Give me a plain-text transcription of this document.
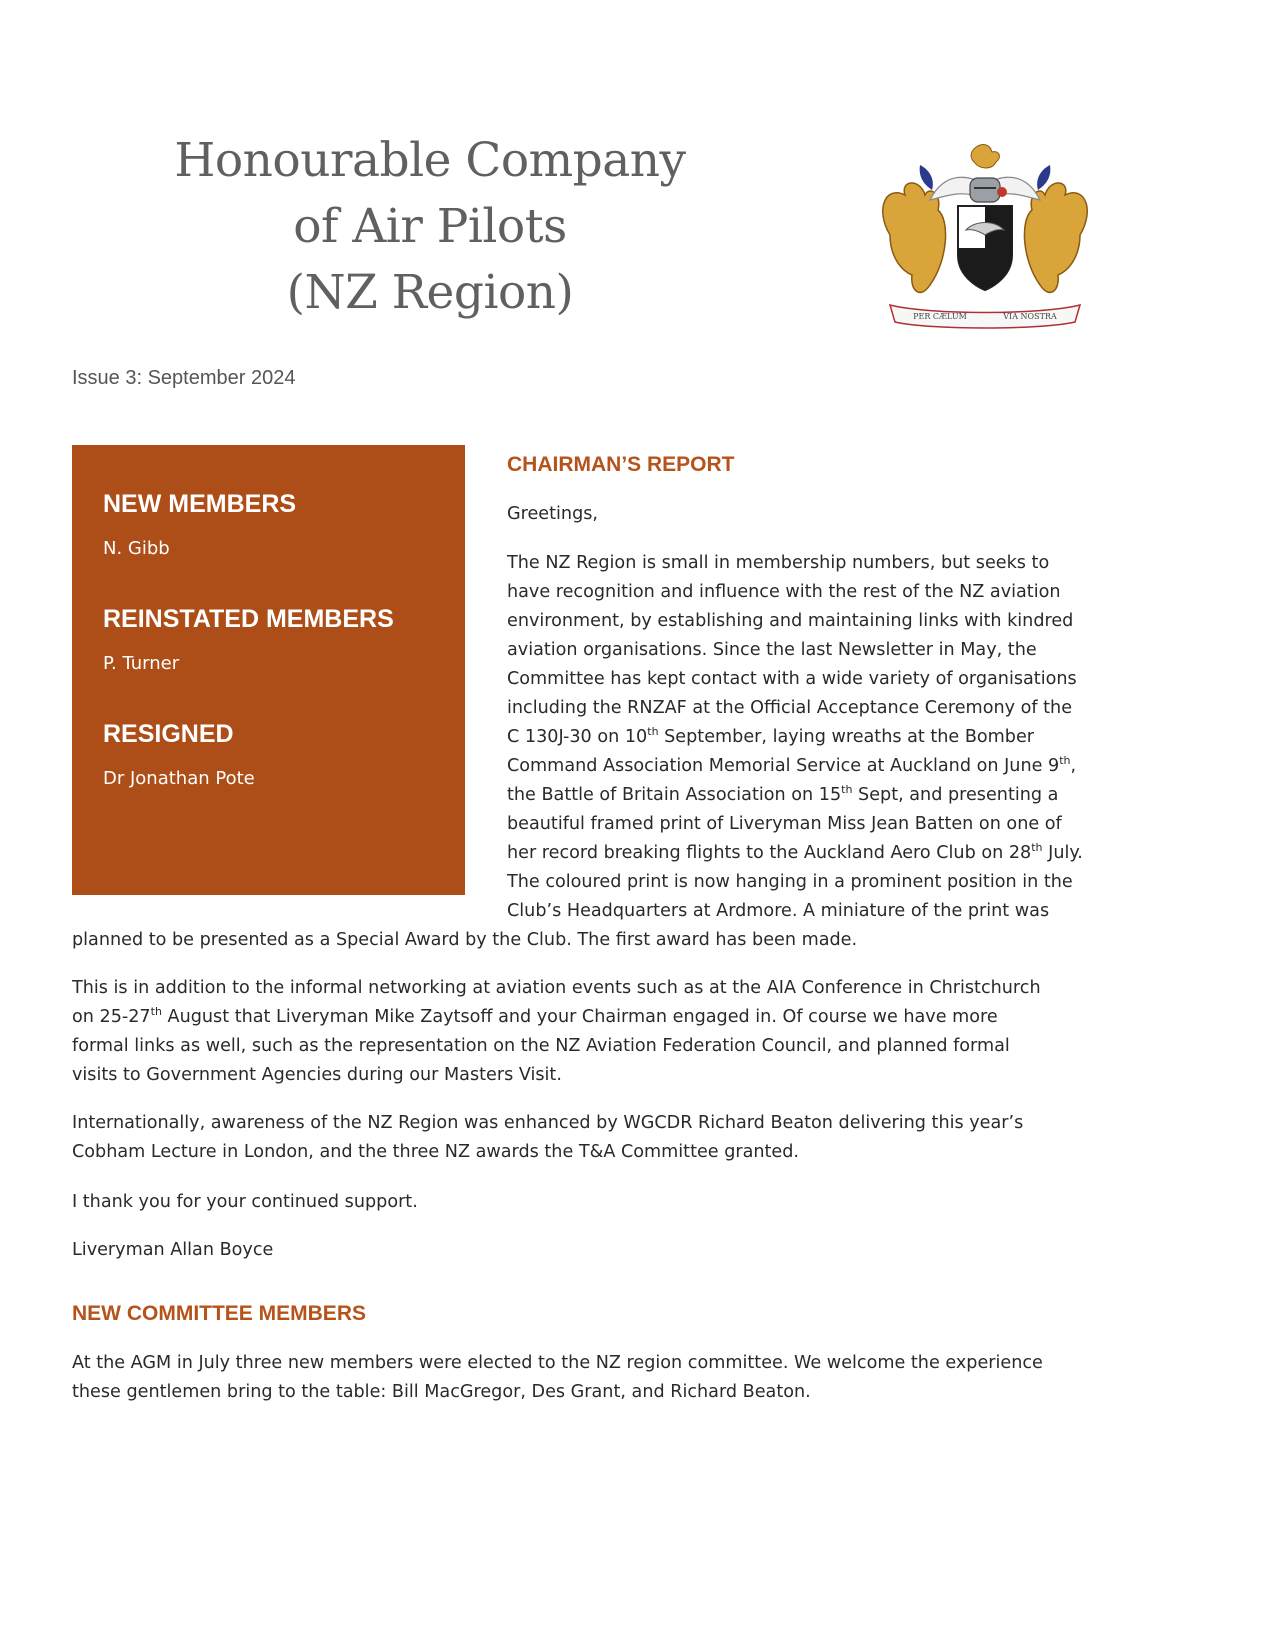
Honourable Company
of Air Pilots
(NZ Region)	PER CÆLUM	VIA NOSTRA
Issue 3: September 2024
NEW MEMBERS
N. Gibb
REINSTATED MEMBERS
P. Turner
RESIGNED
Dr Jonathan Pote
CHAIRMAN’S REPORT

Greetings,

The NZ Region is small in membership numbers, but seeks to
have recognition and influence with the rest of the NZ aviation
environment, by establishing and maintaining links with kindred
aviation organisations. Since the last Newsletter in May, the
Committee has kept contact with a wide variety of organisations
including the RNZAF at the Official Acceptance Ceremony of the
C 130J-30 on 10th September, laying wreaths at the Bomber
Command Association Memorial Service at Auckland on June 9th,
the Battle of Britain Association on 15th Sept, and presenting a
beautiful framed print of Liveryman Miss Jean Batten on one of
her record breaking flights to the Auckland Aero Club on 28th July.
The coloured print is now hanging in a prominent position in the
Club’s Headquarters at Ardmore. A miniature of the print was
planned to be presented as a Special Award by the Club. The first award has been made.
This is in addition to the informal networking at aviation events such as at the AIA Conference in Christchurch
on 25-27th August that Liveryman Mike Zaytsoff and your Chairman engaged in. Of course we have more
formal links as well, such as the representation on the NZ Aviation Federation Council, and planned formal
visits to Government Agencies during our Masters Visit.
Internationally, awareness of the NZ Region was enhanced by WGCDR Richard Beaton delivering this year’s
Cobham Lecture in London, and the three NZ awards the T&A Committee granted.

I thank you for your continued support.

Liveryman Allan Boyce

NEW COMMITTEE MEMBERS
At the AGM in July three new members were elected to the NZ region committee. We welcome the experience
these gentlemen bring to the table: Bill MacGregor, Des Grant, and Richard Beaton.
